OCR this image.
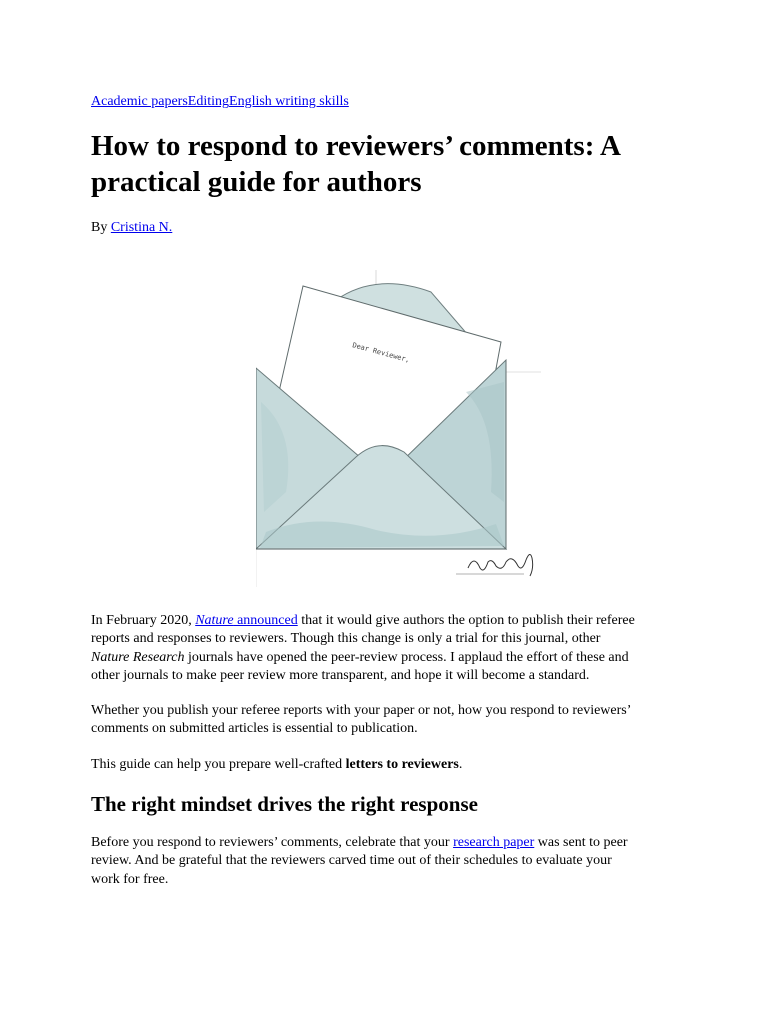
Academic papersEditingEnglish writing skills
How to respond to reviewers’ comments: A
practical guide for authors

By Cristina N.

Dear Reviewer,

In February 2020, Nature announced that it would give authors the option to publish their referee
reports and responses to reviewers. Though this change is only a trial for this journal, other
Nature Research journals have opened the peer-review process. I applaud the effort of these and
other journals to make peer review more transparent, and hope it will become a standard.

Whether you publish your referee reports with your paper or not, how you respond to reviewers’
comments on submitted articles is essential to publication.

This guide can help you prepare well-crafted letters to reviewers.

The right mindset drives the right response

Before you respond to reviewers’ comments, celebrate that your research paper was sent to peer
review. And be grateful that the reviewers carved time out of their schedules to evaluate your
work for free.
